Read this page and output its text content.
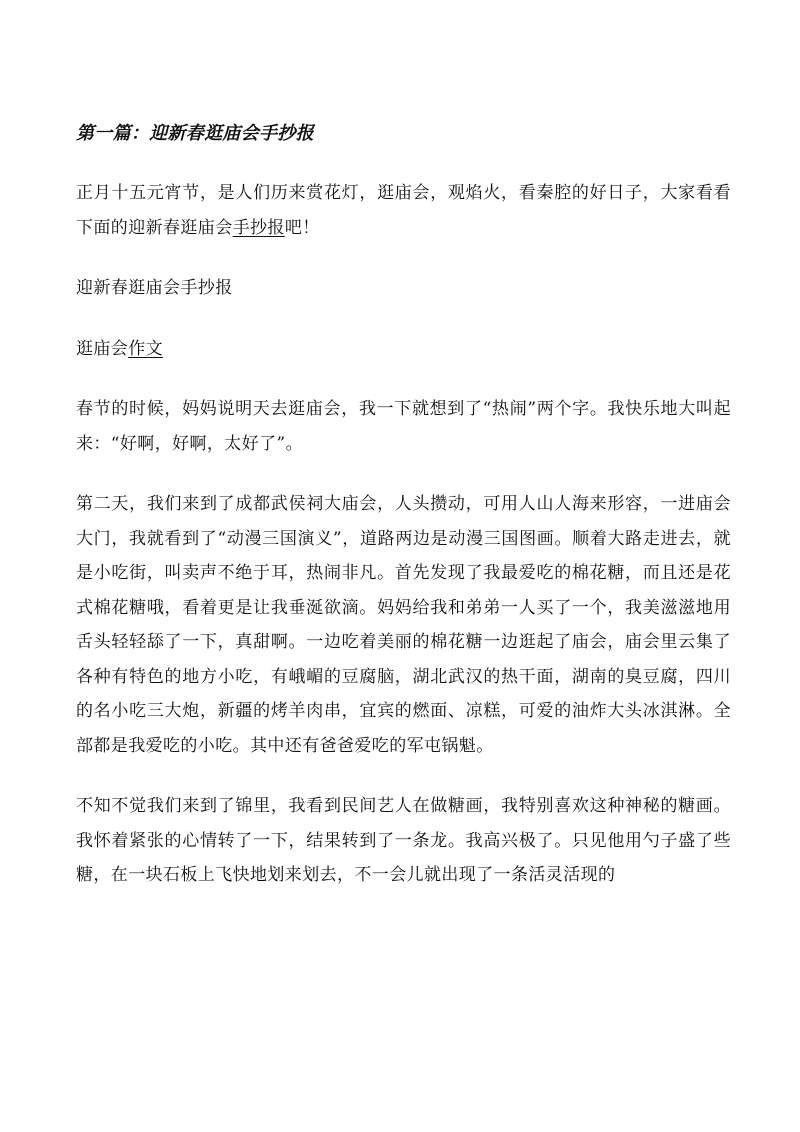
第一篇：迎新春逛庙会手抄报

正月十五元宵节，是人们历来赏花灯，逛庙会，观焰火，看秦腔的好日子，大家看看下面的迎新春逛庙会手抄报吧！

迎新春逛庙会手抄报

逛庙会作文

春节的时候，妈妈说明天去逛庙会，我一下就想到了“热闹”两个字。我快乐地大叫起来：“好啊，好啊，太好了”。

第二天，我们来到了成都武侯祠大庙会，人头攒动，可用人山人海来形容，一进庙会大门，我就看到了“动漫三国演义”，道路两边是动漫三国图画。顺着大路走进去，就是小吃街，叫卖声不绝于耳，热闹非凡。首先发现了我最爱吃的棉花糖，而且还是花式棉花糖哦，看着更是让我垂涎欲滴。妈妈给我和弟弟一人买了一个，我美滋滋地用舌头轻轻舔了一下，真甜啊。一边吃着美丽的棉花糖一边逛起了庙会，庙会里云集了各种有特色的地方小吃，有峨嵋的豆腐脑，湖北武汉的热干面，湖南的臭豆腐，四川的名小吃三大炮，新疆的烤羊肉串，宜宾的燃面、凉糕，可爱的油炸大头冰淇淋。全部都是我爱吃的小吃。其中还有爸爸爱吃的军屯锅魁。

不知不觉我们来到了锦里，我看到民间艺人在做糖画，我特别喜欢这种神秘的糖画。我怀着紧张的心情转了一下，结果转到了一条龙。我高兴极了。只见他用勺子盛了些糖，在一块石板上飞快地划来划去，不一会儿就出现了一条活灵活现的
